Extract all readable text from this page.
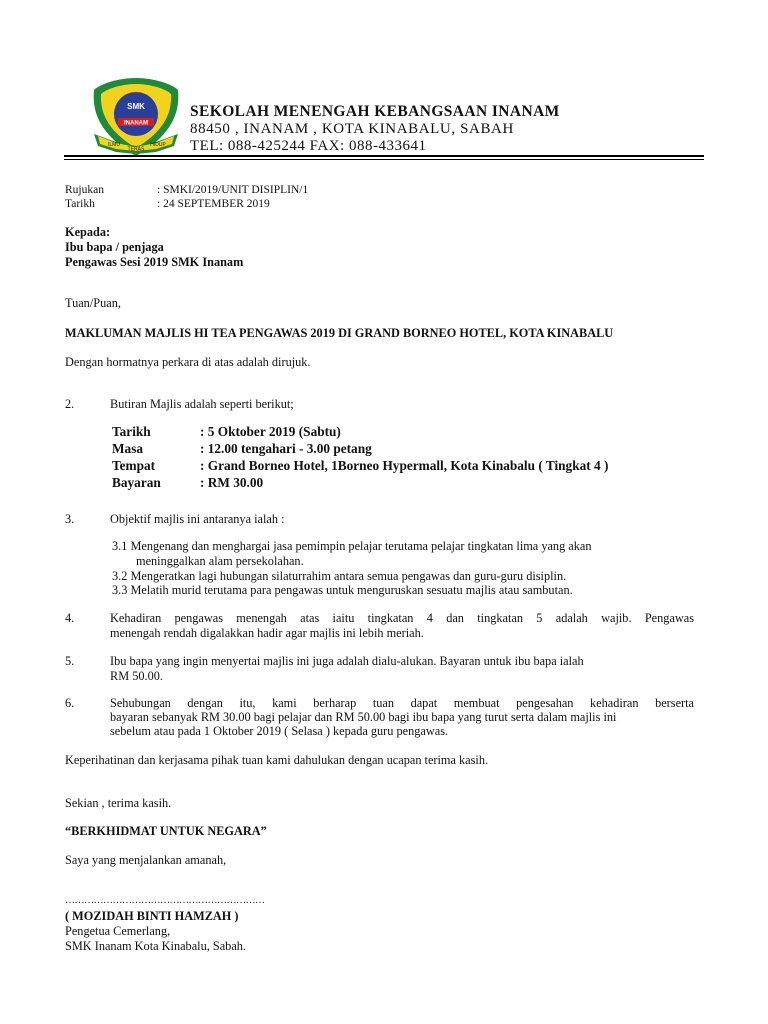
SMK
INANAM
ILMU
TERAS
HIDUP
SEKOLAH MENENGAH KEBANGSAAN INANAM
88450 , INANAM , KOTA KINABALU, SABAH
TEL: 088-425244 FAX: 088-433641
Rujukan	: SMKI/2019/UNIT DISIPLIN/1
Tarikh	: 24 SEPTEMBER 2019
Kepada:
Ibu bapa / penjaga
Pengawas Sesi 2019 SMK Inanam
Tuan/Puan,
MAKLUMAN MAJLIS HI TEA PENGAWAS 2019 DI GRAND BORNEO HOTEL, KOTA KINABALU
Dengan hormatnya perkara di atas adalah dirujuk.
2.	Butiran Majlis adalah seperti berikut;
Tarikh	: 5 Oktober 2019 (Sabtu)
Masa	: 12.00 tengahari - 3.00 petang
Tempat	: Grand Borneo Hotel, 1Borneo Hypermall, Kota Kinabalu ( Tingkat 4 )
Bayaran	: RM 30.00
3.	Objektif majlis ini antaranya ialah :
3.1 Mengenang dan menghargai jasa pemimpin pelajar terutama pelajar tingkatan lima yang akan
meninggalkan alam persekolahan.
3.2 Mengeratkan lagi hubungan silaturrahim antara semua pengawas dan guru-guru disiplin.
3.3 Melatih murid terutama para pengawas untuk menguruskan sesuatu majlis atau sambutan.
4.	Kehadiran pengawas menengah atas iaitu tingkatan 4 dan tingkatan 5 adalah wajib. Pengawas
menengah rendah digalakkan hadir agar majlis ini lebih meriah.
5.	Ibu bapa yang ingin menyertai majlis ini juga adalah dialu-alukan. Bayaran untuk ibu bapa ialah
RM 50.00.
6.	Sehubungan dengan itu, kami berharap tuan dapat membuat pengesahan kehadiran berserta
bayaran sebanyak RM 30.00 bagi pelajar dan RM 50.00 bagi ibu bapa yang turut serta dalam majlis ini
sebelum atau pada 1 Oktober 2019 ( Selasa ) kepada guru pengawas.
Keperihatinan dan kerjasama pihak tuan kami dahulukan dengan ucapan terima kasih.
Sekian , terima kasih.
“BERKHIDMAT UNTUK NEGARA”
Saya yang menjalankan amanah,
………………………………………………………
( MOZIDAH BINTI HAMZAH )
Pengetua Cemerlang,
SMK Inanam Kota Kinabalu, Sabah.
